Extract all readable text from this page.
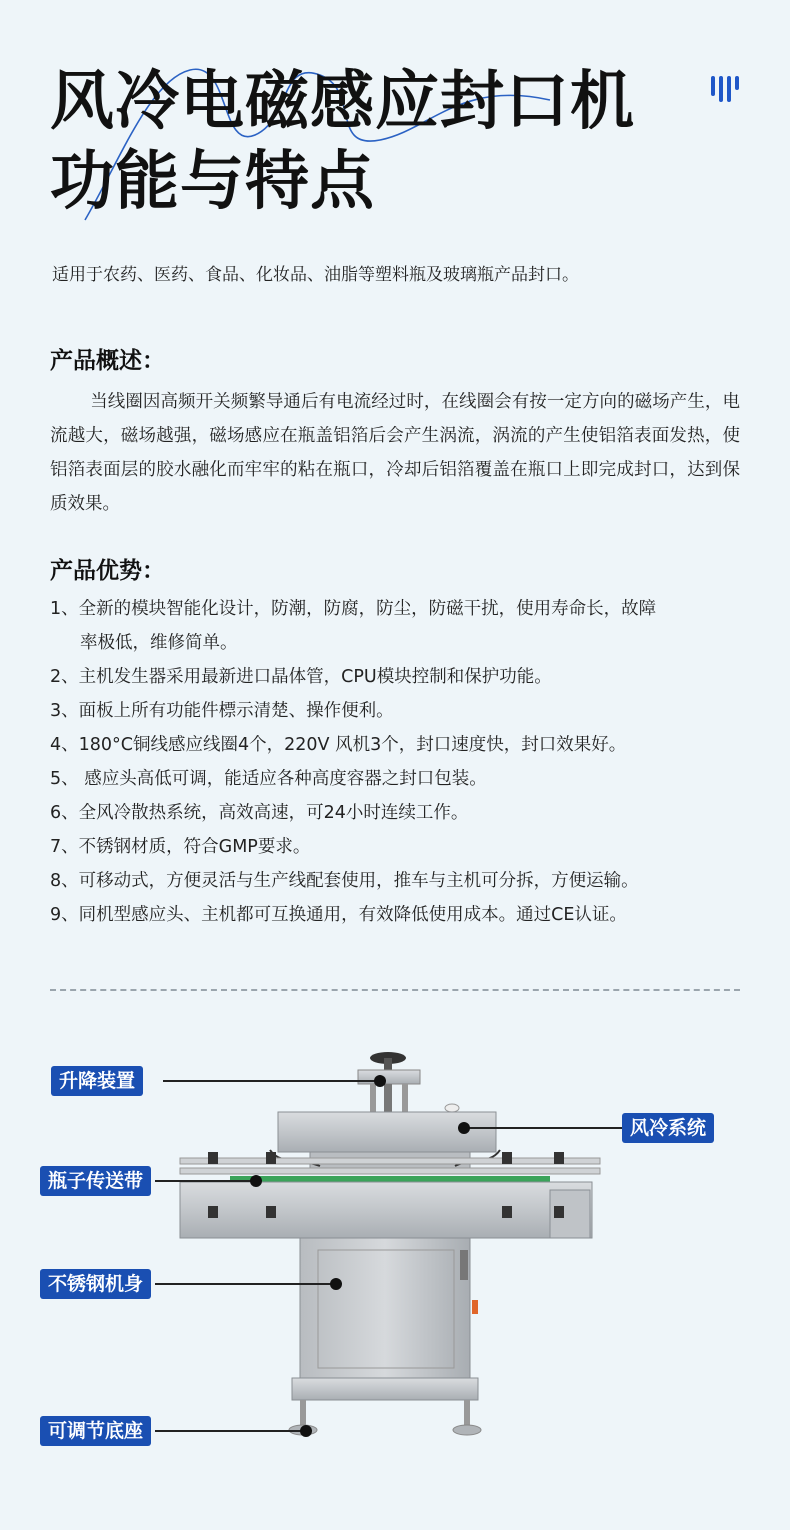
风冷电磁感应封口机
功能与特点
适用于农药、医药、食品、化妆品、油脂等塑料瓶及玻璃瓶产品封口。
产品概述：

当线圈因高频开关频繁导通后有电流经过时，在线圈会有按一定方向的磁场产生，电流越大，磁场越强，磁场感应在瓶盖铝箔后会产生涡流，涡流的产生使铝箔表面发热，使铝箔表面层的胶水融化而牢牢的粘在瓶口，冷却后铝箔覆盖在瓶口上即完成封口，达到保质效果。

产品优势：
1、全新的模块智能化设计，防潮，防腐，防尘，防磁干扰，使用寿命长，故障
率极低，维修简单。
2、主机发生器采用最新进口晶体管，CPU模块控制和保护功能。
3、面板上所有功能件標示清楚、操作便利。
4、180°C铜线感应线圈4个，220V 风机3个，封口速度快，封口效果好。
5、 感应头高低可调，能适应各种高度容器之封口包装。
6、全风冷散热系统，高效高速，可24小时连续工作。
7、不锈钢材质，符合GMP要求。
8、可移动式，方便灵活与生产线配套使用，推车与主机可分拆，方便运输。
9、同机型感应头、主机都可互换通用，有效降低使用成本。通过CE认证。
升降装置
风冷系统
瓶子传送带
不锈钢机身
可调节底座
